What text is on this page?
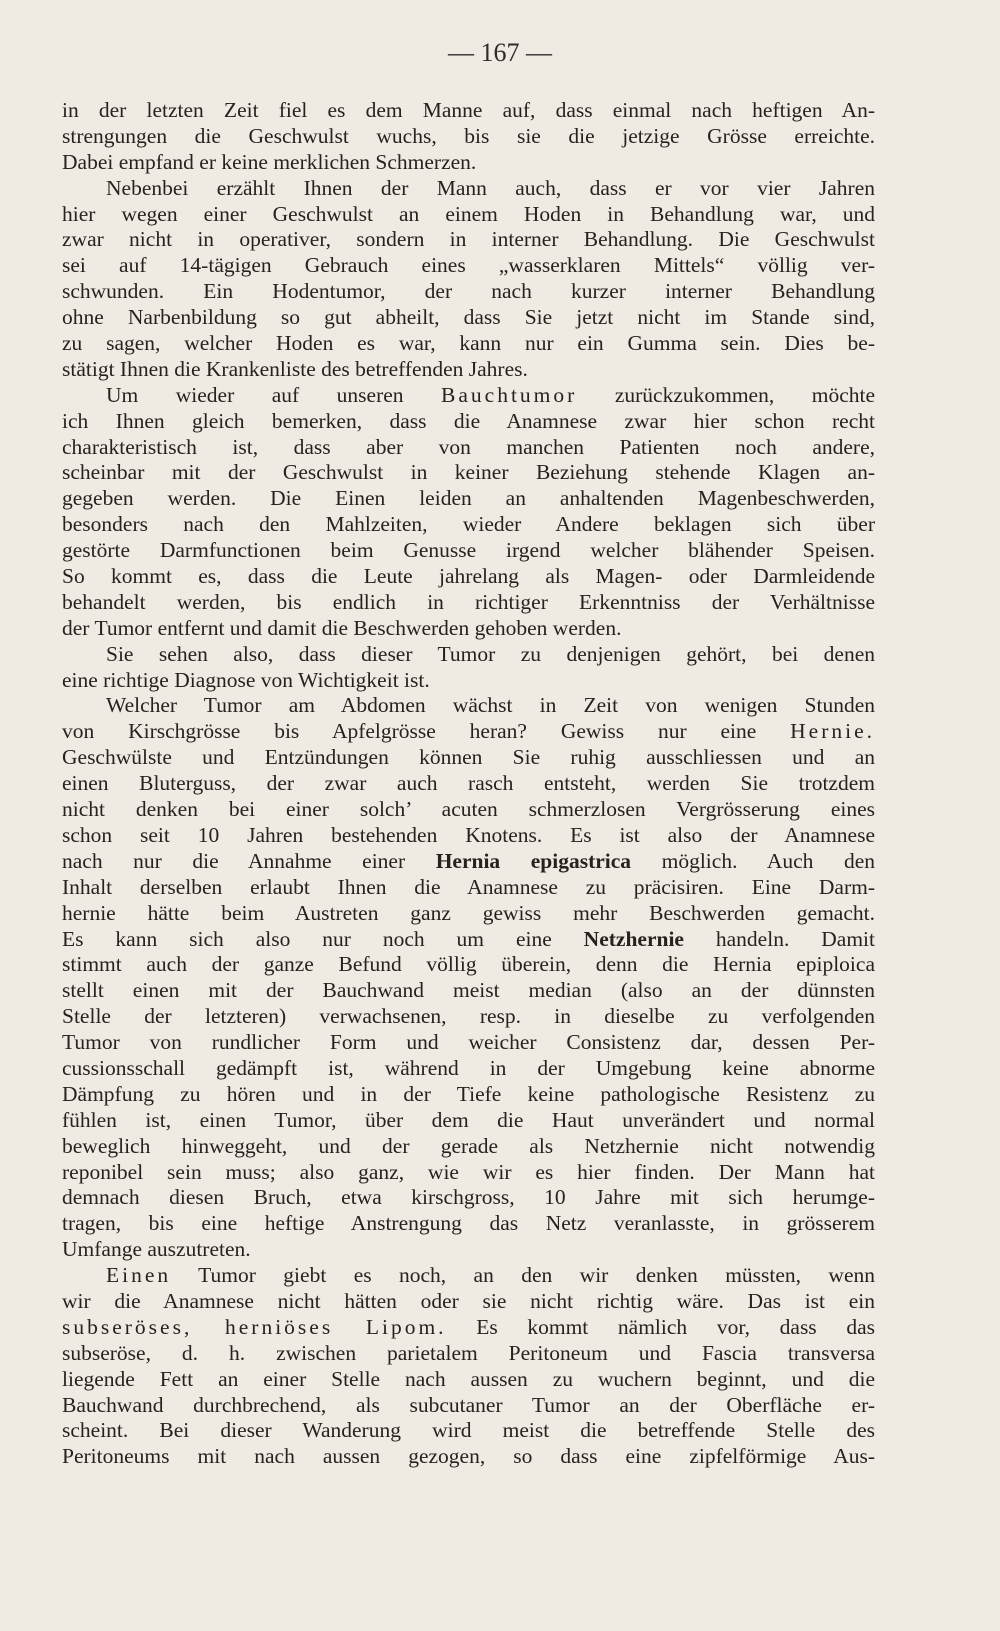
— 167 —
in der letzten Zeit fiel es dem Manne auf, dass einmal nach heftigen An-
strengungen die Geschwulst wuchs, bis sie die jetzige Grösse erreichte.
Dabei empfand er keine merklichen Schmerzen.
Nebenbei erzählt Ihnen der Mann auch, dass er vor vier Jahren
hier wegen einer Geschwulst an einem Hoden in Behandlung war, und
zwar nicht in operativer, sondern in interner Behandlung. Die Geschwulst
sei auf 14-tägigen Gebrauch eines „wasserklaren Mittels“ völlig ver-
schwunden. Ein Hodentumor, der nach kurzer interner Behandlung
ohne Narbenbildung so gut abheilt, dass Sie jetzt nicht im Stande sind,
zu sagen, welcher Hoden es war, kann nur ein Gumma sein. Dies be-
stätigt Ihnen die Krankenliste des betreffenden Jahres.
Um wieder auf unseren Bauchtumor zurückzukommen, möchte
ich Ihnen gleich bemerken, dass die Anamnese zwar hier schon recht
charakteristisch ist, dass aber von manchen Patienten noch andere,
scheinbar mit der Geschwulst in keiner Beziehung stehende Klagen an-
gegeben werden. Die Einen leiden an anhaltenden Magenbeschwerden,
besonders nach den Mahlzeiten, wieder Andere beklagen sich über
gestörte Darmfunctionen beim Genusse irgend welcher blähender Speisen.
So kommt es, dass die Leute jahrelang als Magen- oder Darmleidende
behandelt werden, bis endlich in richtiger Erkenntniss der Verhältnisse
der Tumor entfernt und damit die Beschwerden gehoben werden.
Sie sehen also, dass dieser Tumor zu denjenigen gehört, bei denen
eine richtige Diagnose von Wichtigkeit ist.
Welcher Tumor am Abdomen wächst in Zeit von wenigen Stunden
von Kirschgrösse bis Apfelgrösse heran? Gewiss nur eine Hernie.
Geschwülste und Entzündungen können Sie ruhig ausschliessen und an
einen Bluterguss, der zwar auch rasch entsteht, werden Sie trotzdem
nicht denken bei einer solch’ acuten schmerzlosen Vergrösserung eines
schon seit 10 Jahren bestehenden Knotens. Es ist also der Anamnese
nach nur die Annahme einer Hernia epigastrica möglich. Auch den
Inhalt derselben erlaubt Ihnen die Anamnese zu präcisiren. Eine Darm-
hernie hätte beim Austreten ganz gewiss mehr Beschwerden gemacht.
Es kann sich also nur noch um eine Netzhernie handeln. Damit
stimmt auch der ganze Befund völlig überein, denn die Hernia epiploica
stellt einen mit der Bauchwand meist median (also an der dünnsten
Stelle der letzteren) verwachsenen, resp. in dieselbe zu verfolgenden
Tumor von rundlicher Form und weicher Consistenz dar, dessen Per-
cussionsschall gedämpft ist, während in der Umgebung keine abnorme
Dämpfung zu hören und in der Tiefe keine pathologische Resistenz zu
fühlen ist, einen Tumor, über dem die Haut unverändert und normal
beweglich hinweggeht, und der gerade als Netzhernie nicht notwendig
reponibel sein muss; also ganz, wie wir es hier finden. Der Mann hat
demnach diesen Bruch, etwa kirschgross, 10 Jahre mit sich herumge-
tragen, bis eine heftige Anstrengung das Netz veranlasste, in grösserem
Umfange auszutreten.
Einen Tumor giebt es noch, an den wir denken müssten, wenn
wir die Anamnese nicht hätten oder sie nicht richtig wäre. Das ist ein
subseröses, herniöses Lipom. Es kommt nämlich vor, dass das
subseröse, d. h. zwischen parietalem Peritoneum und Fascia transversa
liegende Fett an einer Stelle nach aussen zu wuchern beginnt, und die
Bauchwand durchbrechend, als subcutaner Tumor an der Oberfläche er-
scheint. Bei dieser Wanderung wird meist die betreffende Stelle des
Peritoneums mit nach aussen gezogen, so dass eine zipfelförmige Aus-
